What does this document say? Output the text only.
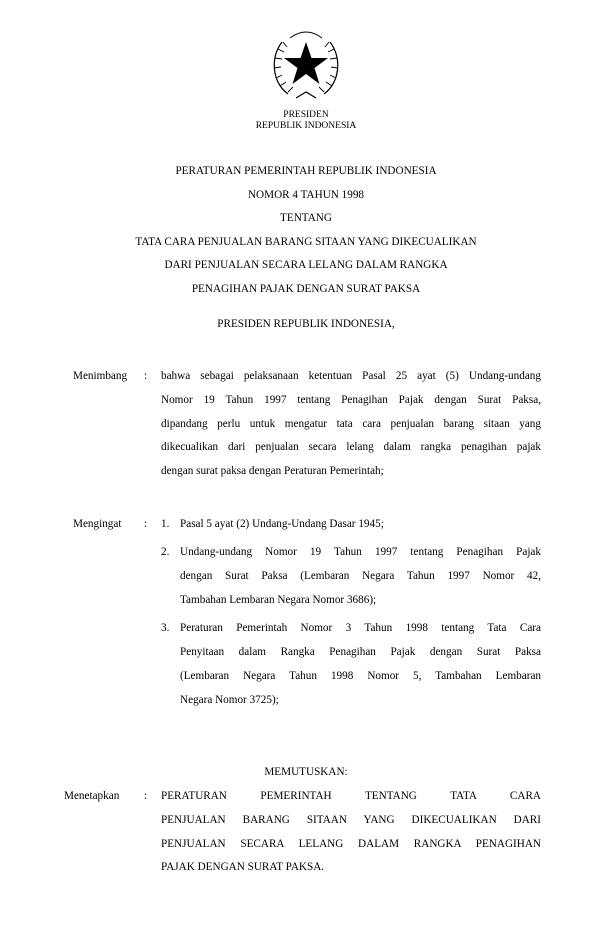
PRESIDEN
REPUBLIK INDONESIA
PERATURAN PEMERINTAH REPUBLIK INDONESIA
NOMOR 4 TAHUN 1998
TENTANG
TATA CARA PENJUALAN BARANG SITAAN YANG DIKECUALIKAN
DARI PENJUALAN SECARA LELANG DALAM RANGKA
PENAGIHAN PAJAK DENGAN SURAT PAKSA
PRESIDEN REPUBLIK INDONESIA,
Menimbang : bahwa sebagai pelaksanaan ketentuan Pasal 25 ayat (5) Undang-undang
Nomor 19 Tahun 1997 tentang Penagihan Pajak dengan Surat Paksa,
dipandang perlu untuk mengatur tata cara penjualan barang sitaan yang
dikecualikan dari penjualan secara lelang dalam rangka penagihan pajak
dengan surat paksa dengan Peraturan Pemerintah;
Mengingat : 1. Pasal 5 ayat (2) Undang-Undang Dasar 1945;
2. Undang-undang Nomor 19 Tahun 1997 tentang Penagihan Pajak
dengan Surat Paksa (Lembaran Negara Tahun 1997 Nomor 42,
Tambahan Lembaran Negara Nomor 3686);
3. Peraturan Pemerintah Nomor 3 Tahun 1998 tentang Tata Cara
Penyitaan dalam Rangka Penagihan Pajak dengan Surat Paksa
(Lembaran Negara Tahun 1998 Nomor 5, Tambahan Lembaran
Negara Nomor 3725);
MEMUTUSKAN:
Menetapkan : PERATURAN PEMERINTAH TENTANG TATA CARA
PENJUALAN BARANG SITAAN YANG DIKECUALIKAN DARI
PENJUALAN SECARA LELANG DALAM RANGKA PENAGIHAN
PAJAK DENGAN SURAT PAKSA.
